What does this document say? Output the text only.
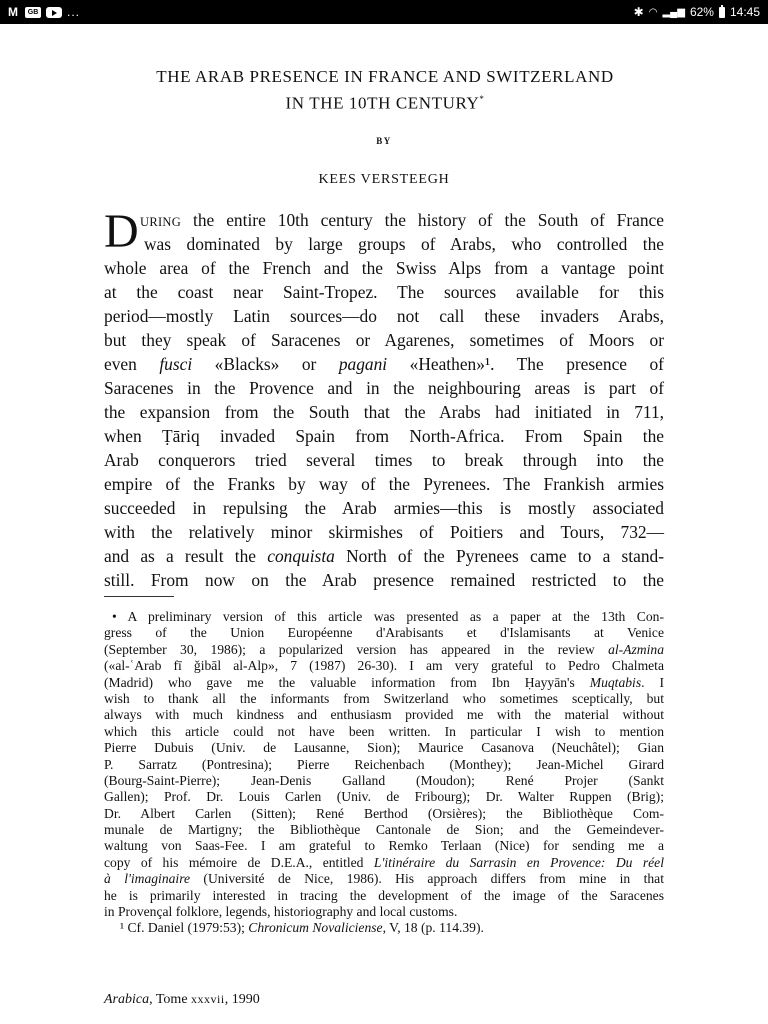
M	GB ...	✱ ◠ ▂▄▆ 62% 14:45
THE ARAB PRESENCE IN FRANCE AND SWITZERLAND
IN THE 10TH CENTURY*
BY
KEES VERSTEEGH
D URING the entire 10th century the history of the South of France
was dominated by large groups of Arabs, who controlled the
whole area of the French and the Swiss Alps from a vantage point
at the coast near Saint-Tropez. The sources available for this
period—mostly Latin sources—do not call these invaders Arabs,
but they speak of Saracenes or Agarenes, sometimes of Moors or
even fusci «Blacks» or pagani «Heathen»¹. The presence of
Saracenes in the Provence and in the neighbouring areas is part of
the expansion from the South that the Arabs had initiated in 711,
when Ṭāriq invaded Spain from North-Africa. From Spain the
Arab conquerors tried several times to break through into the
empire of the Franks by way of the Pyrenees. The Frankish armies
succeeded in repulsing the Arab armies—this is mostly associated
with the relatively minor skirmishes of Poitiers and Tours, 732—
and as a result the conquista North of the Pyrenees came to a stand-
still. From now on the Arab presence remained restricted to the
• A preliminary version of this article was presented as a paper at the 13th Con-
gress of the Union Européenne d'Arabisants et d'Islamisants at Venice
(September 30, 1986); a popularized version has appeared in the review al-Azmina
(«al-ʿArab fī ǧibāl al-Alp», 7 (1987) 26-30). I am very grateful to Pedro Chalmeta
(Madrid) who gave me the valuable information from Ibn Ḥayyān's Muqtabis. I
wish to thank all the informants from Switzerland who sometimes sceptically, but
always with much kindness and enthusiasm provided me with the material without
which this article could not have been written. In particular I wish to mention
Pierre Dubuis (Univ. de Lausanne, Sion); Maurice Casanova (Neuchâtel); Gian
P. Sarratz (Pontresina); Pierre Reichenbach (Monthey); Jean-Michel Girard
(Bourg-Saint-Pierre); Jean-Denis Galland (Moudon); René Projer (Sankt
Gallen); Prof. Dr. Louis Carlen (Univ. de Fribourg); Dr. Walter Ruppen (Brig);
Dr. Albert Carlen (Sitten); René Berthod (Orsières); the Bibliothèque Com-
munale de Martigny; the Bibliothèque Cantonale de Sion; and the Gemeindever-
waltung von Saas-Fee. I am grateful to Remko Terlaan (Nice) for sending me a
copy of his mémoire de D.E.A., entitled L'itinéraire du Sarrasin en Provence: Du réel
à l'imaginaire (Université de Nice, 1986). His approach differs from mine in that
he is primarily interested in tracing the development of the image of the Saracenes
in Provençal folklore, legends, historiography and local customs.
¹ Cf. Daniel (1979:53); Chronicum Novaliciense, V, 18 (p. 114.39).
Arabica, Tome xxxvii, 1990
